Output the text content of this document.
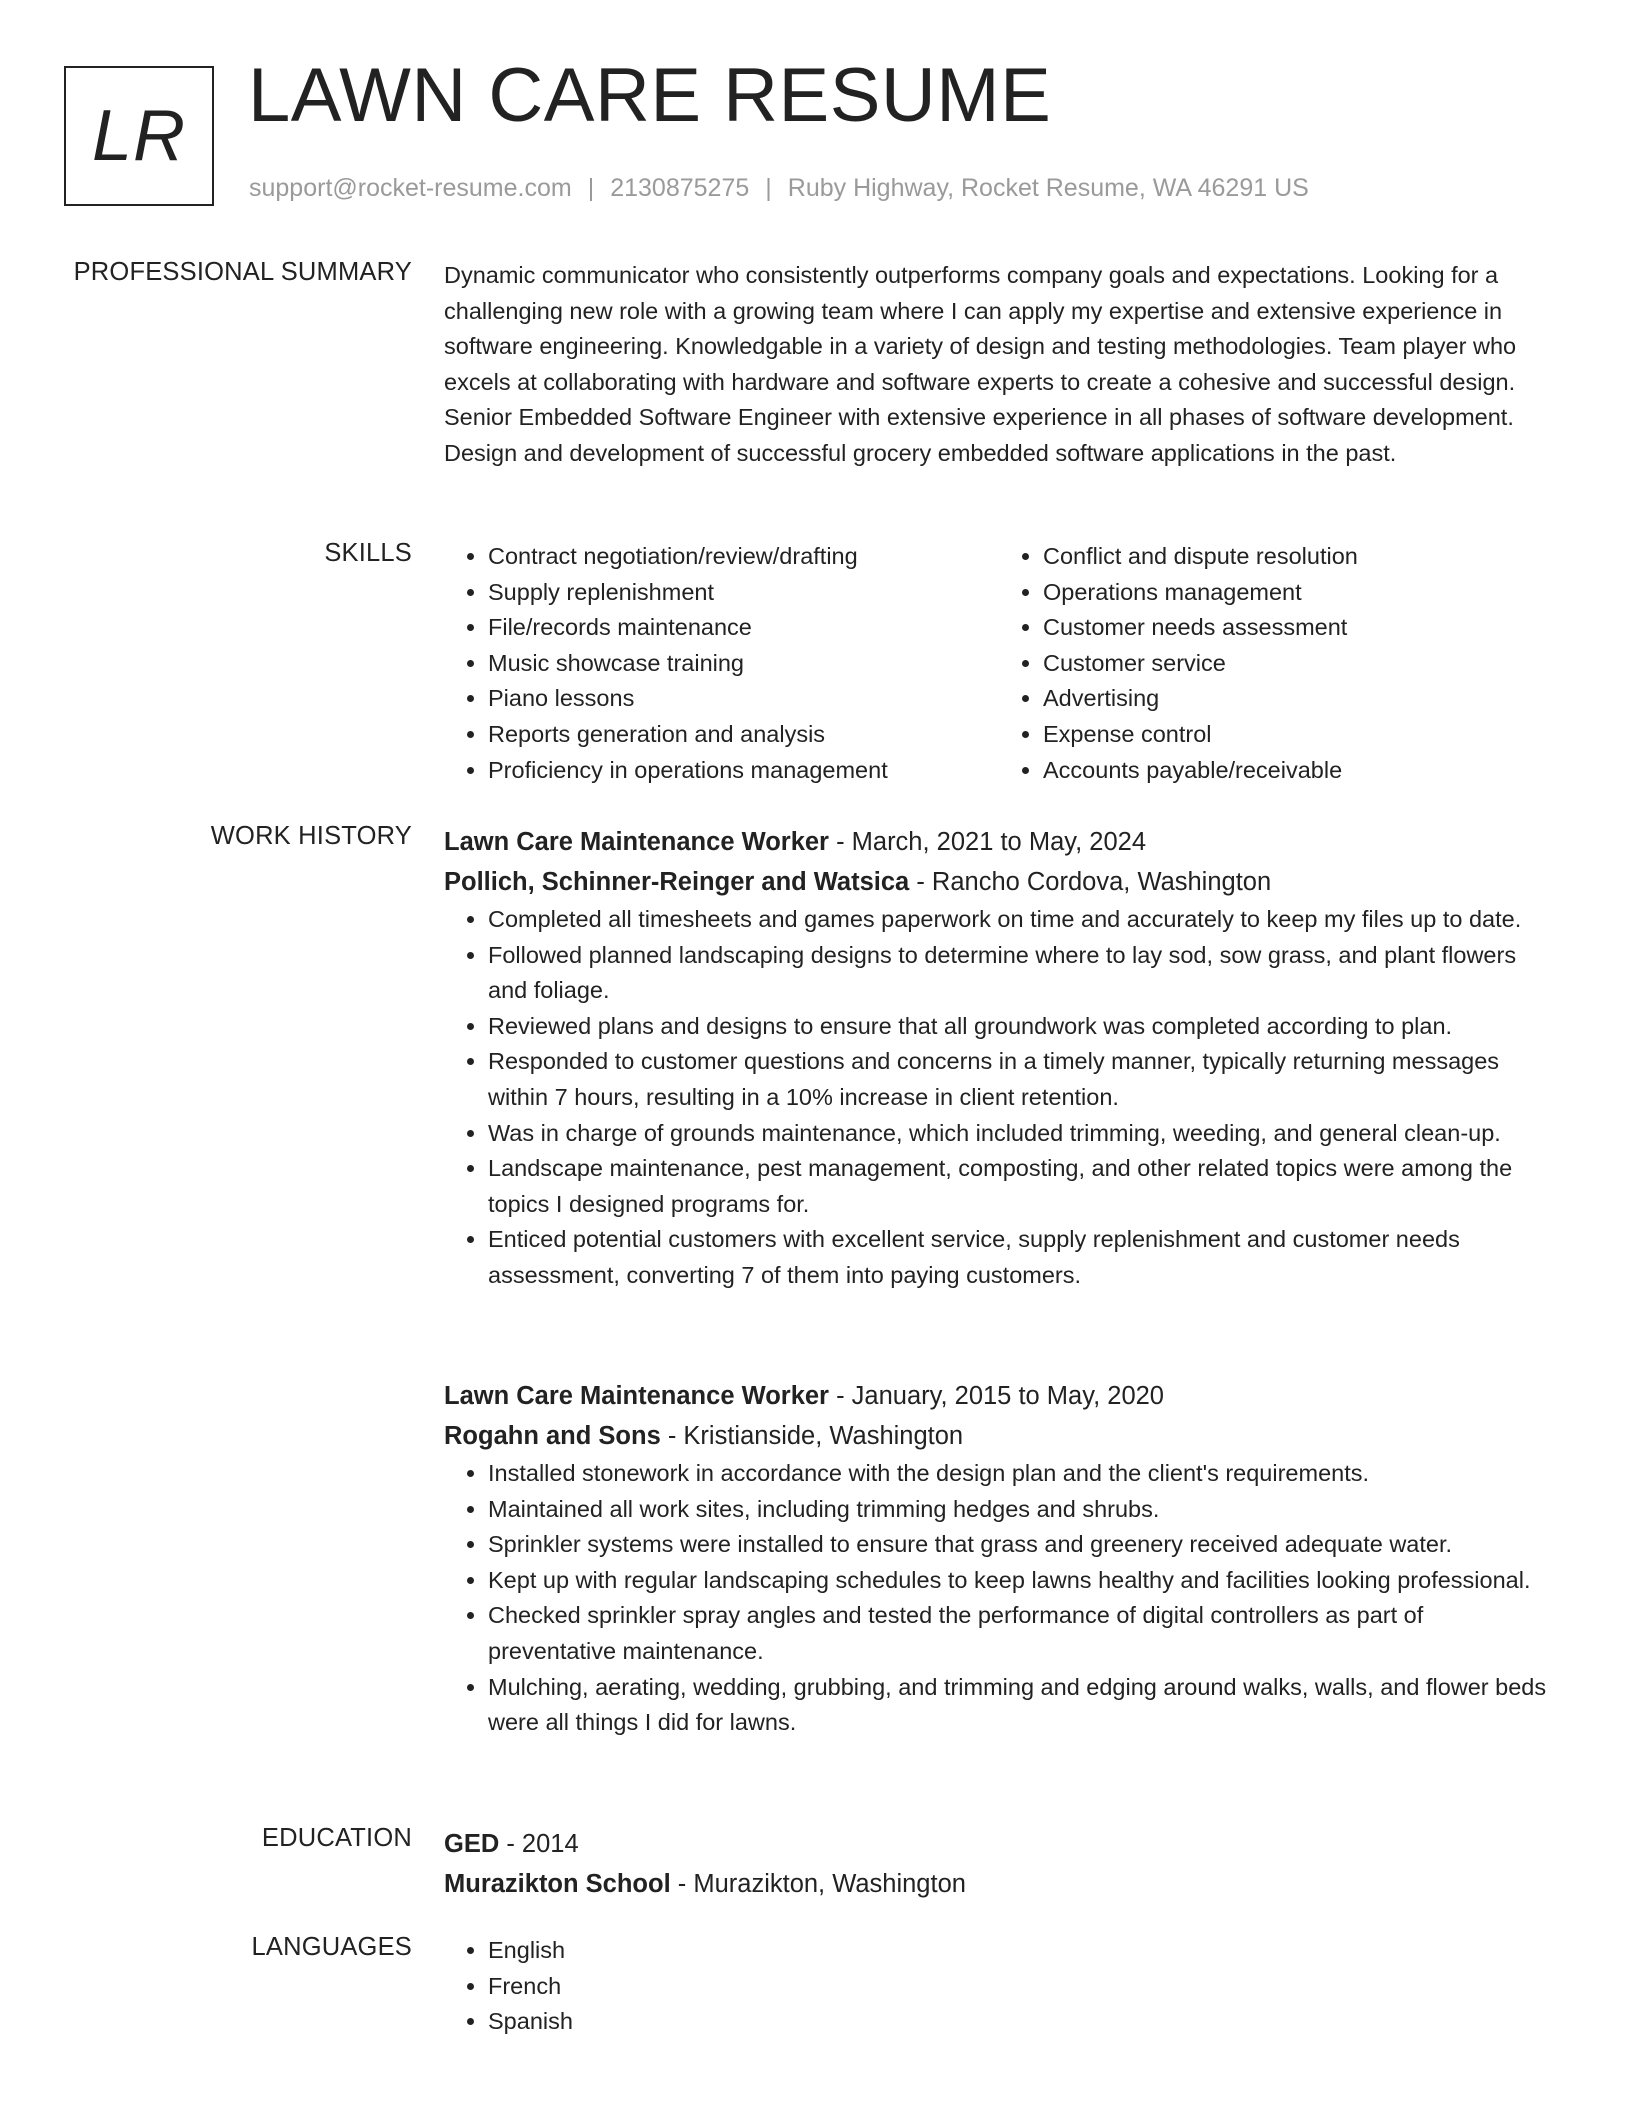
LR LAWN CARE RESUME
support@rocket-resume.com | 2130875275 | Ruby Highway, Rocket Resume, WA 46291 US
PROFESSIONAL SUMMARY Dynamic communicator who consistently outperforms company goals and expectations. Looking for a challenging new role with a growing team where I can apply my expertise and extensive experience in software engineering. Knowledgable in a variety of design and testing methodologies. Team player who excels at collaborating with hardware and software experts to create a cohesive and successful design. Senior Embedded Software Engineer with extensive experience in all phases of software development. Design and development of successful grocery embedded software applications in the past.

SKILLS	• Contract negotiation/review/drafting
• Supply replenishment
• File/records maintenance
• Music showcase training
• Piano lessons
• Reports generation and analysis
• Proficiency in operations management
• Conflict and dispute resolution
• Operations management
• Customer needs assessment
• Customer service
• Advertising
• Expense control
• Accounts payable/receivable
WORK HISTORY Lawn Care Maintenance Worker - March, 2021 to May, 2024
Pollich, Schinner-Reinger and Watsica - Rancho Cordova, Washington
• Completed all timesheets and games paperwork on time and accurately to keep my files up to date.
• Followed planned landscaping designs to determine where to lay sod, sow grass, and plant flowers and foliage.
• Reviewed plans and designs to ensure that all groundwork was completed according to plan.
• Responded to customer questions and concerns in a timely manner, typically returning messages within 7 hours, resulting in a 10% increase in client retention.
• Was in charge of grounds maintenance, which included trimming, weeding, and general clean-up.
• Landscape maintenance, pest management, composting, and other related topics were among the topics I designed programs for.
• Enticed potential customers with excellent service, supply replenishment and customer needs assessment, converting 7 of them into paying customers.
Lawn Care Maintenance Worker - January, 2015 to May, 2020
Rogahn and Sons - Kristianside, Washington
• Installed stonework in accordance with the design plan and the client's requirements.
• Maintained all work sites, including trimming hedges and shrubs.
• Sprinkler systems were installed to ensure that grass and greenery received adequate water.
• Kept up with regular landscaping schedules to keep lawns healthy and facilities looking professional.
• Checked sprinkler spray angles and tested the performance of digital controllers as part of preventative maintenance.
• Mulching, aerating, wedding, grubbing, and trimming and edging around walks, walls, and flower beds were all things I did for lawns.
EDUCATION GED - 2014
Murazikton School - Murazikton, Washington
LANGUAGES	• English
• French
• Spanish
